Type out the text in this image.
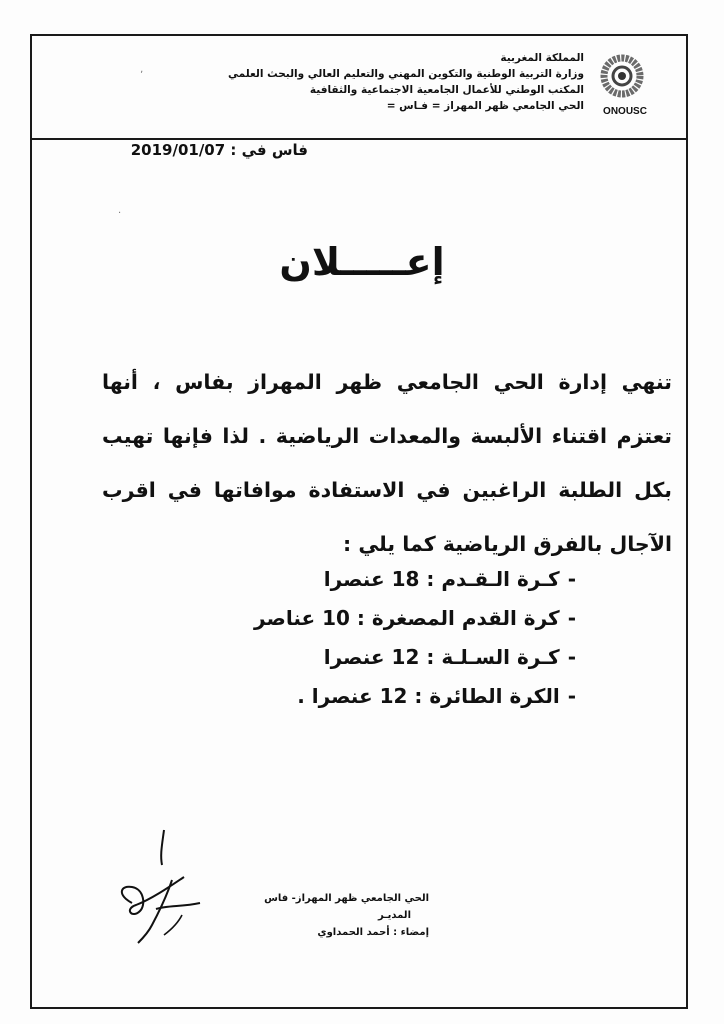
المملكة المغربية
وزارة التربية الوطنية والتكوين المهني والتعليم العالي والبحث العلمي
المكتب الوطني للأعمال الجامعية الاجتماعية والثقافية
الحي الجامعي ظهر المهراز = فـاس =	ONOUSC
فاس في : 2019/01/07
إعـــــلان
تنهي إدارة الحي الجامعي ظهر المهراز بفاس ، أنها تعتزم اقتناء الألبسة والمعدات الرياضية . لذا فإنها تهيب بكل الطلبة الراغبين في الاستفادة موافاتها في اقرب الآجال بالفرق الرياضية كما يلي :
-كـرة الـقـدم : 18 عنصرا
-كرة القدم المصغرة : 10 عناصر
-كـرة السـلـة : 12 عنصرا
-الكرة الطائرة : 12 عنصرا .
الحي الجامعي ظهر المهراز- فاس
المديـر
إمضاء : أحمد الحمداوي
ʼ
·
